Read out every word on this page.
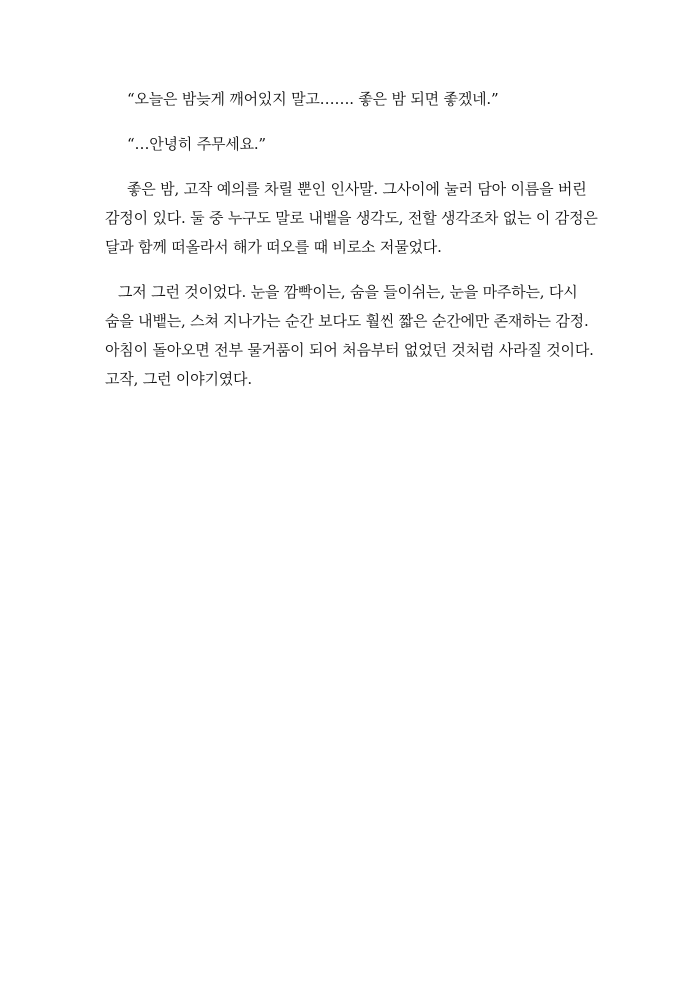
“오늘은 밤늦게 깨어있지 말고……. 좋은 밤 되면 좋겠네.”

“…안녕히 주무세요.”

좋은 밤, 고작 예의를 차릴 뿐인 인사말. 그사이에 눌러 담아 이름을 버린
감정이 있다. 둘 중 누구도 말로 내뱉을 생각도, 전할 생각조차 없는 이 감정은
달과 함께 떠올라서 해가 떠오를 때 비로소 저물었다.

그저 그런 것이었다. 눈을 깜빡이는, 숨을 들이쉬는, 눈을 마주하는, 다시
숨을 내뱉는, 스쳐 지나가는 순간 보다도 훨씬 짧은 순간에만 존재하는 감정.
아침이 돌아오면 전부 물거품이 되어 처음부터 없었던 것처럼 사라질 것이다.
고작, 그런 이야기였다.
